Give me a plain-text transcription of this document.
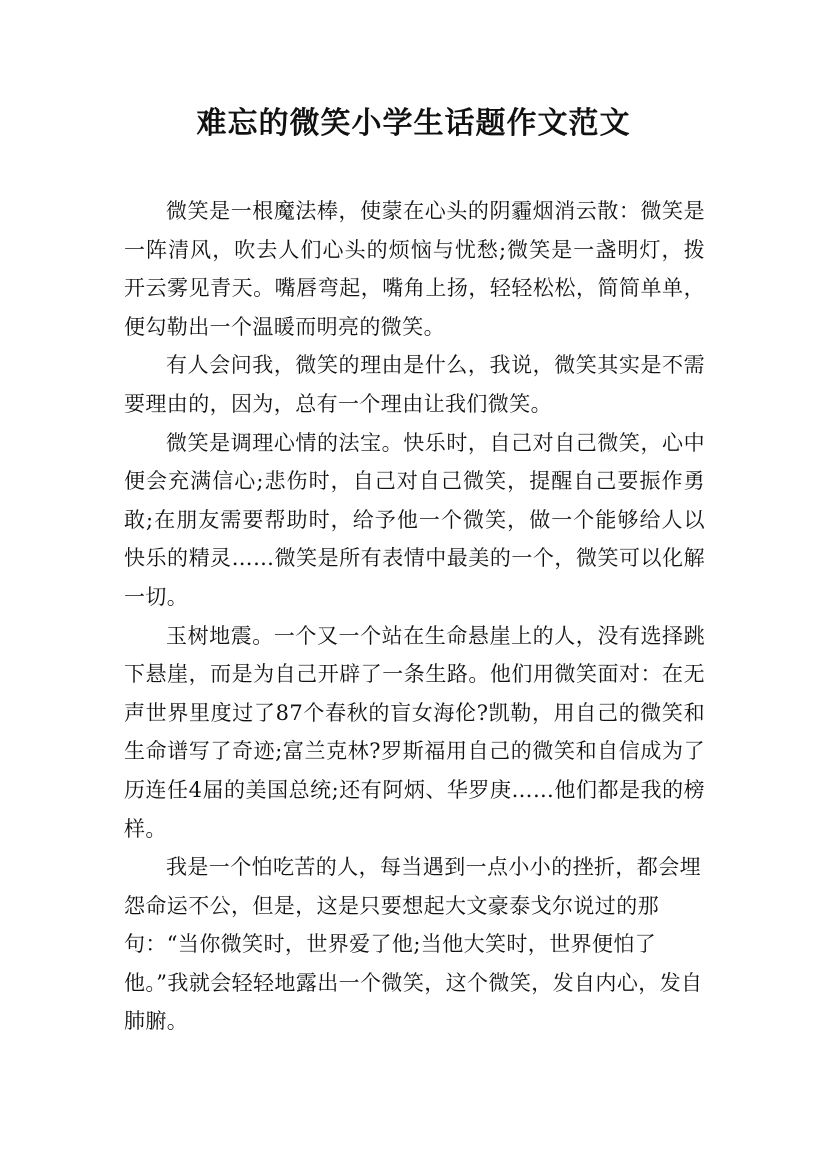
难忘的微笑小学生话题作文范文

微笑是一根魔法棒，使蒙在心头的阴霾烟消云散：微笑是一阵清风，吹去人们心头的烦恼与忧愁;微笑是一盏明灯，拨开云雾见青天。嘴唇弯起，嘴角上扬，轻轻松松，简简单单，便勾勒出一个温暖而明亮的微笑。

有人会问我，微笑的理由是什么，我说，微笑其实是不需要理由的，因为，总有一个理由让我们微笑。

微笑是调理心情的法宝。快乐时，自己对自己微笑，心中便会充满信心;悲伤时，自己对自己微笑，提醒自己要振作勇敢;在朋友需要帮助时，给予他一个微笑，做一个能够给人以快乐的精灵……微笑是所有表情中最美的一个，微笑可以化解一切。

玉树地震。一个又一个站在生命悬崖上的人，没有选择跳下悬崖，而是为自己开辟了一条生路。他们用微笑面对：在无声世界里度过了87个春秋的盲女海伦?凯勒，用自己的微笑和生命谱写了奇迹;富兰克林?罗斯福用自己的微笑和自信成为了历连任4届的美国总统;还有阿炳、华罗庚……他们都是我的榜样。

我是一个怕吃苦的人，每当遇到一点小小的挫折，都会埋怨命运不公，但是，这是只要想起大文豪泰戈尔说过的那句：“当你微笑时，世界爱了他;当他大笑时，世界便怕了他。”我就会轻轻地露出一个微笑，这个微笑，发自内心，发自肺腑。
